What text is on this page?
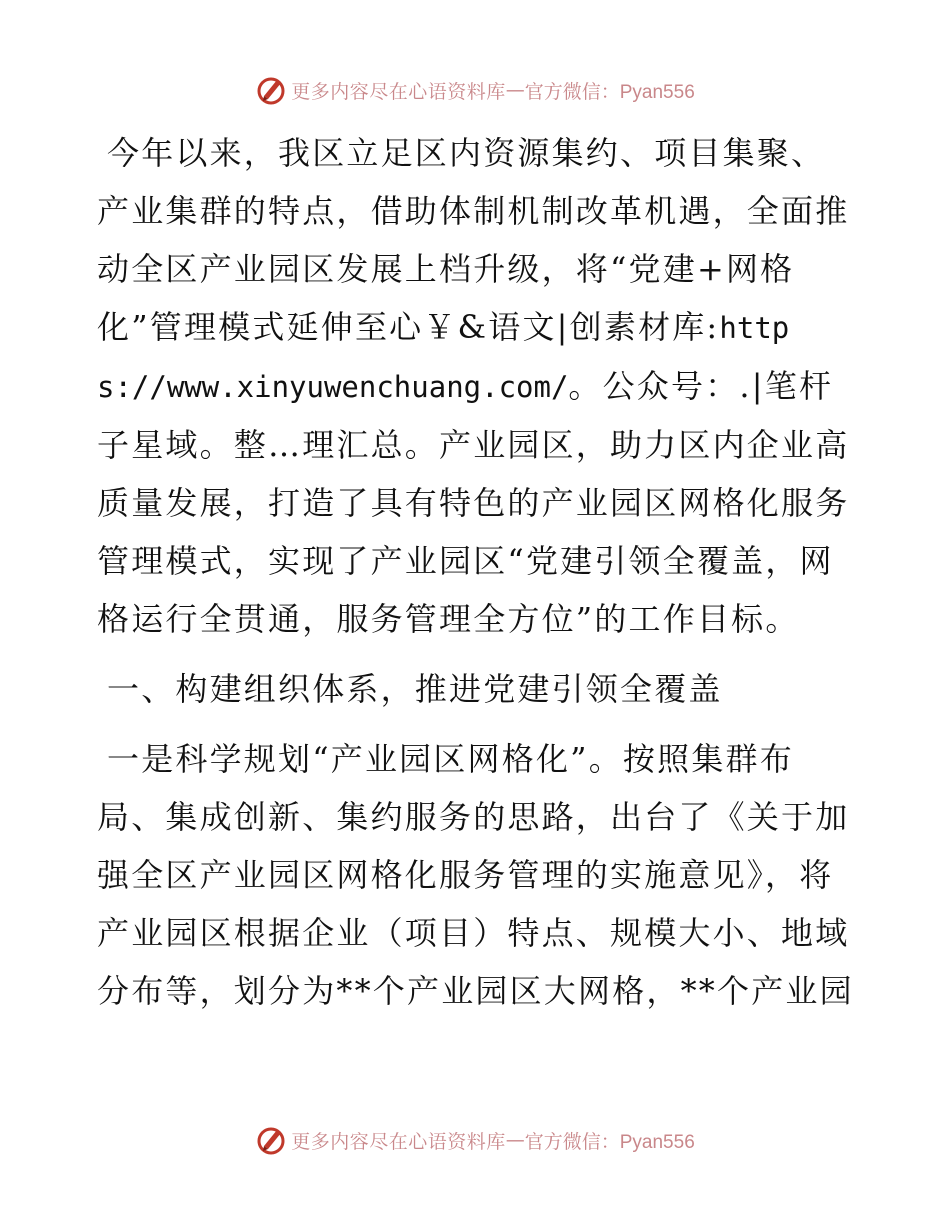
更多内容尽在心语资料库 — 官方微信：Pyan556

今年以来，我区立足区内资源集约、项目集聚、产业集群的特点，借助体制机制改革机遇，全面推动全区产业园区发展上档升级，将“党建+网格化”管理模式延伸至心￥&语文|创素材库:https://www.xinyuwenchuang.com/。公众号：.|笔杆子星域。整…理汇总。产业园区，助力区内企业高质量发展，打造了具有特色的产业园区网格化服务管理模式，实现了产业园区“党建引领全覆盖，网格运行全贯通，服务管理全方位”的工作目标。

一、构建组织体系，推进党建引领全覆盖

一是科学规划“产业园区网格化”。按照集群布局、集成创新、集约服务的思路，出台了《关于加强全区产业园区网格化服务管理的实施意见》，将产业园区根据企业（项目）特点、规模大小、地域分布等，划分为**个产业园区大网格，**个产业园

更多内容尽在心语资料库 — 官方微信：Pyan556
